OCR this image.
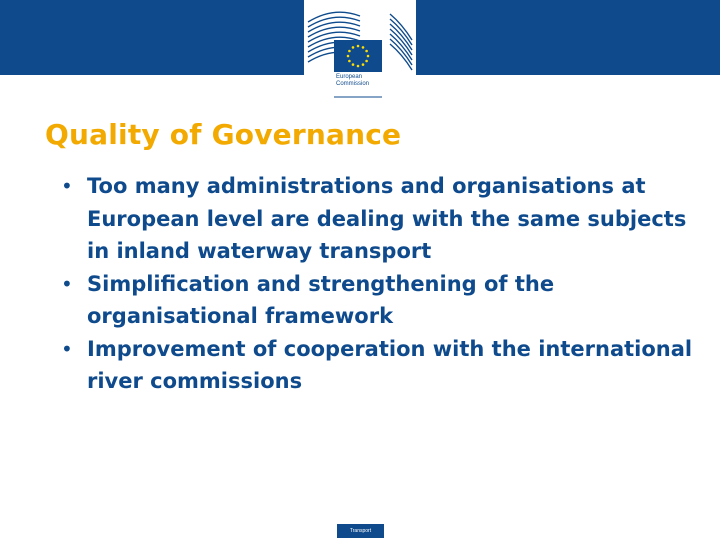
European
Commission
Quality of Governance
• Too many administrations and organisations at European level are dealing with the same subjects in inland waterway transport
• Simplification and strengthening of the organisational framework
• Improvement of cooperation with the international river commissions
Transport
